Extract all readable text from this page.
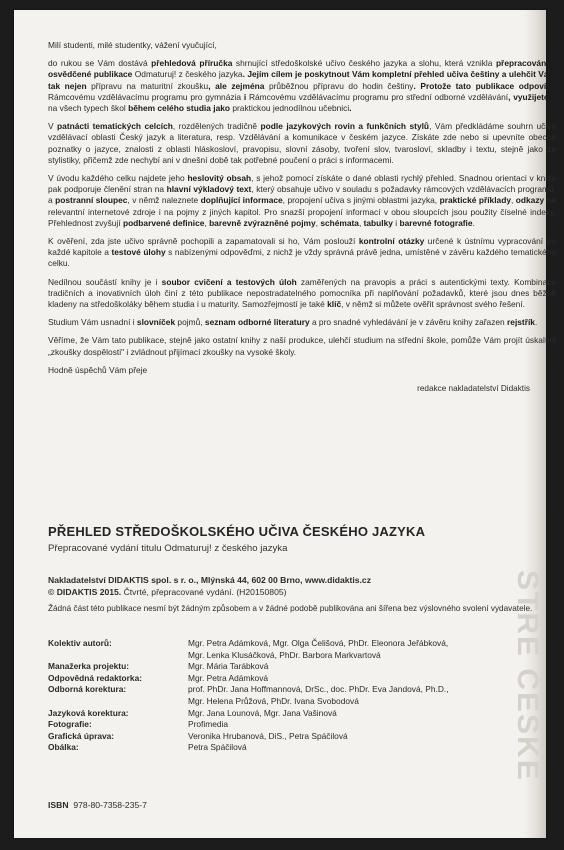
STŘE ČESKÉ

Milí studenti, milé studentky, vážení vyučující,

do rukou se Vám dostává přehledová příručka shrnující středoškolské učivo českého jazyka a slohu, která vznikla přepracováním osvědčené publikace Odmaturuj! z českého jazyka. Jejím cílem je poskytnout Vám kompletní přehled učiva češtiny a ulehčit Vám tak nejen přípravu na maturitní zkoušku, ale zejména průběžnou přípravu do hodin češtiny. Protože tato publikace odpovídá Rámcovému vzdělávacímu programu pro gymnázia i Rámcovému vzdělávacímu programu pro střední odborné vzdělávání, využijete ji na všech typech škol během celého studia jako praktickou jednodílnou učebnici.

V patnácti tematických celcích, rozdělených tradičně podle jazykových rovin a funkčních stylů, Vám předkládáme souhrn učiva vzdělávací oblasti Český jazyk a literatura, resp. Vzdělávání a komunikace v českém jazyce. Získáte zde nebo si upevníte obecné poznatky o jazyce, znalosti z oblasti hláskosloví, pravopisu, slovní zásoby, tvoření slov, tvarosloví, skladby i textu, stejně jako ze stylistiky, přičemž zde nechybí ani v dnešní době tak potřebné poučení o práci s informacemi.

V úvodu každého celku najdete jeho heslovitý obsah, s jehož pomocí získáte o dané oblasti rychlý přehled. Snadnou orientaci v knize pak podporuje členění stran na hlavní výkladový text, který obsahuje učivo v souladu s požadavky rámcových vzdělávacích programů, a postranní sloupec, v němž naleznete doplňující informace, propojení učiva s jinými oblastmi jazyka, praktické příklady, odkazy na relevantní internetové zdroje i na pojmy z jiných kapitol. Pro snazší propojení informací v obou sloupcích jsou použity číselné indexy. Přehlednost zvyšují podbarvené definice, barevně zvýrazněné pojmy, schémata, tabulky i barevné fotografie.

K ověření, zda jste učivo správně pochopili a zapamatovali si ho, Vám poslouží kontrolní otázky určené k ústnímu vypracování po každé kapitole a testové úlohy s nabízenými odpověďmi, z nichž je vždy správná právě jedna, umístěné v závěru každého tematického celku.

Nedílnou součástí knihy je i soubor cvičení a testových úloh zaměřených na pravopis a práci s autentickými texty. Kombinace tradičních a inovativních úloh činí z této publikace nepostradatelného pomocníka při naplňování požadavků, které jsou dnes běžně kladeny na středoškoláky během studia i u maturity. Samozřejmostí je také klíč, v němž si můžete ověřit správnost svého řešení.

Studium Vám usnadní i slovníček pojmů, seznam odborné literatury a pro snadné vyhledávání je v závěru knihy zařazen rejstřík.

Věříme, že Vám tato publikace, stejně jako ostatní knihy z naší produkce, ulehčí studium na střední škole, pomůže Vám projít úskalími „zkoušky dospělosti" i zvládnout přijímací zkoušky na vysoké školy.

Hodně úspěchů Vám přeje

redakce nakladatelství Didaktis
PŘEHLED STŘEDOŠKOLSKÉHO UČIVA ČESKÉHO JAZYKA
Přepracované vydání titulu Odmaturuj! z českého jazyka
Nakladatelství DIDAKTIS spol. s r. o., Mlýnská 44, 602 00 Brno, www.didaktis.cz
© DIDAKTIS 2015. Čtvrté, přepracované vydání. (H20150805)
Žádná část této publikace nesmí být žádným způsobem a v žádné podobě publikována ani šířena bez výslovného svolení vydavatele.
Kolektiv autorů:	Mgr. Petra Adámková, Mgr. Olga Čelišová, PhDr. Eleonora Jeřábková,
Mgr. Lenka Klusáčková, PhDr. Barbora Markvartová
Manažerka projektu:	Mgr. Mária Tarábková
Odpovědná redaktorka:	Mgr. Petra Adámková
Odborná korektura:	prof. PhDr. Jana Hoffmannová, DrSc., doc. PhDr. Eva Jandová, Ph.D.,
Mgr. Helena Průžová, PhDr. Ivana Svobodová
Jazyková korektura:	Mgr. Jana Lounová, Mgr. Jana Vašinová
Fotografie:	Profimedia
Grafická úprava:	Veronika Hrubanová, DiS., Petra Spáčilová
Obálka:	Petra Spáčilová
ISBN 978-80-7358-235-7
